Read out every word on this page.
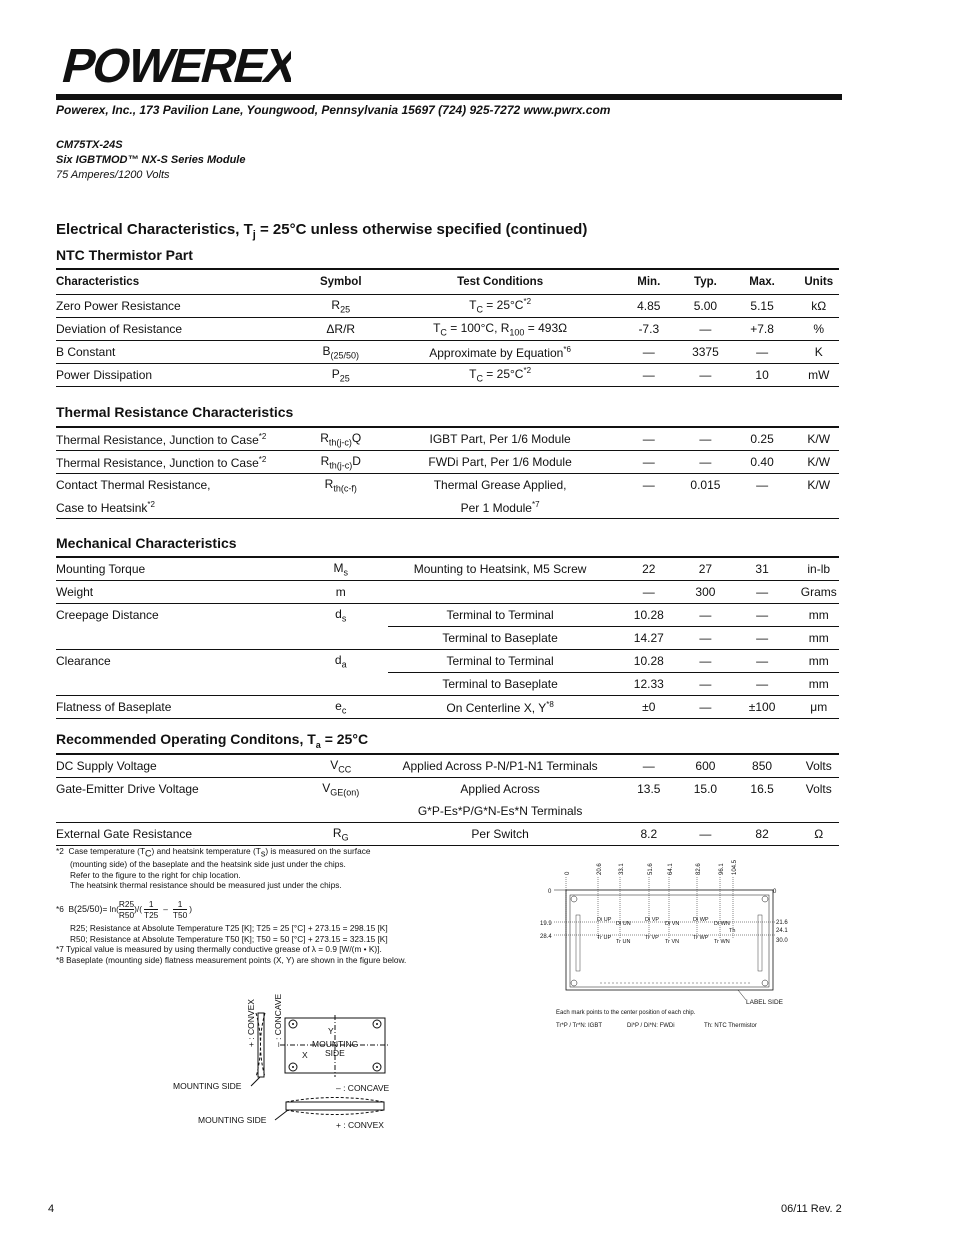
POWEREX
Powerex, Inc., 173 Pavilion Lane, Youngwood, Pennsylvania 15697 (724) 925-7272 www.pwrx.com
CM75TX-24S
Six IGBTMOD™ NX-S Series Module
75 Amperes/1200 Volts
Electrical Characteristics, $T_j = 25^\circ C$ unless otherwise specified (continued)
NTC Thermistor Part
Characteristics	Symbol	Test Conditions	Min.	Typ.	Max.	Units
Zero Power Resistance	$R_{25}$	$T_C = 25^\circ C^{*2}$	4.85	5.00	5.15	kΩ
Deviation of Resistance	ΔR/R	$T_C = 100^\circ C$, $R_{100} = 493\Omega$	-7.3	—	+7.8	%
B Constant	$B_{(25/50)}$	Approximate by Equation$^{*6}$	—	3375	—	K
Power Dissipation	$P_{25}$	$T_C = 25^\circ C^{*2}$	—	—	10	mW
Thermal Resistance Characteristics
Thermal Resistance, Junction to Case$^{*2}$	$R_{th(j-c)}Q$	IGBT Part, Per 1/6 Module	—	—	0.25	K/W
Thermal Resistance, Junction to Case$^{*2}$	$R_{th(j-c)}D$	FWDi Part, Per 1/6 Module	—	—	0.40	K/W
Contact Thermal Resistance,	$R_{th(c-f)}$	Thermal Grease Applied,	—	0.015	—	K/W
Case to Heatsink$^{*2}$		Per 1 Module$^{*7}$				
Mechanical Characteristics
Mounting Torque	$M_s$	Mounting to Heatsink, M5 Screw	22	27	31	in-lb
Weight	m		—	300	—	Grams
Creepage Distance	$d_s$	Terminal to Terminal	10.28	—	—	mm
		Terminal to Baseplate	14.27	—	—	mm
Clearance	$d_a$	Terminal to Terminal	10.28	—	—	mm
		Terminal to Baseplate	12.33	—	—	mm
Flatness of Baseplate	$e_c$	On Centerline X, $Y^{*8}$	±0	—	±100	μm
Recommended Operating Conditons, $T_a = 25^\circ C$
DC Supply Voltage	$V_{CC}$	Applied Across P-N/P1-N1 Terminals	—	600	850	Volts
Gate-Emitter Drive Voltage	$V_{GE(on)}$	Applied Across	13.5	15.0	16.5	Volts
		G*P-Es*P/G*N-Es*N Terminals				
External Gate Resistance	$R_G$	Per Switch	8.2	—	82	Ω
*2 Case temperature $(T_C)$ and heatsink temperature $(T_s)$ is measured on the surface
(mounting side) of the baseplate and the heatsink side just under the chips.
Refer to the figure to the right for chip location.
The heatsink thermal resistance should be measured just under the chips.
*6
B (25/50) = ln(
R25
R50
)/(
1
T25
–
1
T50
)
R25; Resistance at Absolute Temperature T25 [K]; T25 = 25 [°C] + 273.15 = 298.15 [K]
R50; Resistance at Absolute Temperature T50 [K]; T50 = 50 [°C] + 273.15 = 323.15 [K]
*7 Typical value is measured by using thermally conductive grease of λ = 0.9 [W/(m • K)].
*8 Baseplate (mounting side) flatness measurement points (X, Y) are shown in the figure below.
+ : CONVEX – : CONCAVE	Y
MOUNTING
SIDE
X
MOUNTING SIDE	– : CONCAVE
MOUNTING SIDE	+ : CONVEX
0	20.6	33.1	51.6 64.1	82.6	96.1 104.5
0
19.9
28.4
0
21.6
24.1
30.0
Di UP
Di UN
Di VP
Di VN
Di WP
Di WN
Tr UP
Tr UN
Tr VP
Tr VN
Tr WP
Tr WN
Th
LABEL SIDE
Each mark points to the center position of each chip.
Tr*P / Tr*N: IGBT	Di*P / Di*N: FWDi	Th: NTC Thermistor
4	06/11 Rev. 2
